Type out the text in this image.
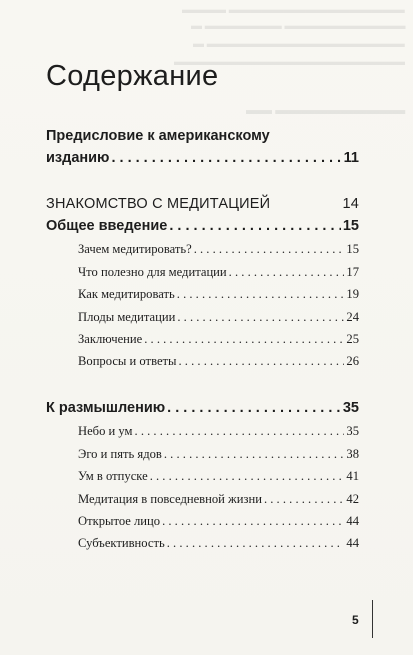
▬▬▬▬▬▬▬▬▬▬▬▬▬▬▬▬ ▬▬▬▬
▬▬▬▬▬▬▬▬▬▬▬ ▬▬▬▬▬▬▬ ▬
▬▬▬▬▬▬▬▬▬▬▬▬▬▬▬▬▬▬ ▬
▬▬▬▬▬▬▬▬▬▬▬▬▬▬▬▬▬▬▬▬▬
▬▬▬▬▬▬▬▬▬▬ ▬▬
Содержание
Предисловие к американскому
изданию . . .	11
ЗНАКОМСТВО С МЕДИТАЦИЕЙ	14
Общее введение . . .	15
Зачем медитировать? . . .	15
Что полезно для медитации . . .	17
Как медитировать . . .	19
Плоды медитации . . .	24
Заключение . . .	25
Вопросы и ответы . . .	26
К размышлению . . .	35
Небо и ум . . .	35
Эго и пять ядов . . .	38
Ум в отпуске . . .	41
Медитация в повседневной жизни . . .	42
Открытое лицо . . .	44
Субъективность . . .	44
5
